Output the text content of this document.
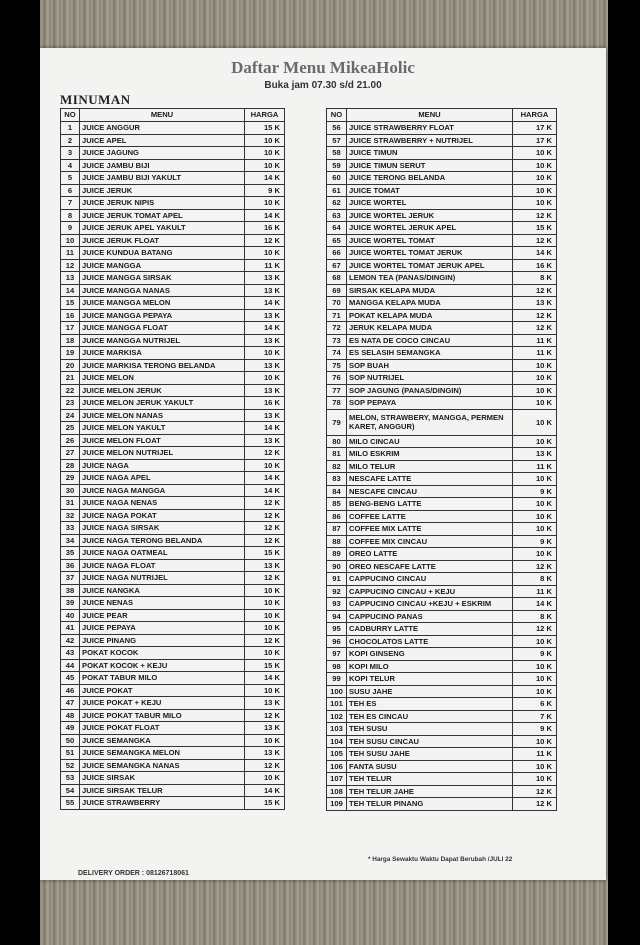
Daftar Menu MikeaHolic
Buka jam 07.30 s/d 21.00
MINUMAN
NO	MENU	HARGA
1	JUICE ANGGUR	15 K
2	JUICE APEL	10 K
3	JUICE JAGUNG	10 K
4	JUICE JAMBU BIJI	10 K
5	JUICE JAMBU BIJI YAKULT	14 K
6	JUICE JERUK	9 K
7	JUICE JERUK NIPIS	10 K
8	JUICE JERUK TOMAT APEL	14 K
9	JUICE JERUK APEL YAKULT	16 K
10	JUICE JERUK FLOAT	12 K
11	JUICE KUNDUA BATANG	10 K
12	JUICE MANGGA	11 K
13	JUICE MANGGA SIRSAK	13 K
14	JUICE MANGGA NANAS	13 K
15	JUICE MANGGA MELON	14 K
16	JUICE MANGGA PEPAYA	13 K
17	JUICE MANGGA FLOAT	14 K
18	JUICE MANGGA NUTRIJEL	13 K
19	JUICE MARKISA	10 K
20	JUICE MARKISA TERONG BELANDA	13 K
21	JUICE MELON	10 K
22	JUICE MELON JERUK	13 K
23	JUICE MELON JERUK YAKULT	16 K
24	JUICE MELON NANAS	13 K
25	JUICE MELON YAKULT	14 K
26	JUICE MELON FLOAT	13 K
27	JUICE MELON NUTRIJEL	12 K
28	JUICE NAGA	10 K
29	JUICE NAGA APEL	14 K
30	JUICE NAGA MANGGA	14 K
31	JUICE NAGA NENAS	12 K
32	JUICE NAGA POKAT	12 K
33	JUICE NAGA SIRSAK	12 K
34	JUICE NAGA TERONG BELANDA	12 K
35	JUICE NAGA OATMEAL	15 K
36	JUICE NAGA FLOAT	13 K
37	JUICE NAGA NUTRIJEL	12 K
38	JUICE NANGKA	10 K
39	JUICE NENAS	10 K
40	JUICE PEAR	10 K
41	JUICE PEPAYA	10 K
42	JUICE PINANG	12 K
43	POKAT KOCOK	10 K
44	POKAT KOCOK + KEJU	15 K
45	POKAT TABUR MILO	14 K
46	JUICE POKAT	10 K
47	JUICE POKAT + KEJU	13 K
48	JUICE POKAT TABUR MILO	12 K
49	JUICE POKAT FLOAT	13 K
50	JUICE SEMANGKA	10 K
51	JUICE SEMANGKA MELON	13 K
52	JUICE SEMANGKA NANAS	12 K
53	JUICE SIRSAK	10 K
54	JUICE SIRSAK TELUR	14 K
55	JUICE STRAWBERRY	15 K
NO	MENU	HARGA
56	JUICE STRAWBERRY FLOAT	17 K
57	JUICE STRAWBERRY + NUTRIJEL	17 K
58	JUICE TIMUN	10 K
59	JUICE TIMUN SERUT	10 K
60	JUICE TERONG BELANDA	10 K
61	JUICE TOMAT	10 K
62	JUICE WORTEL	10 K
63	JUICE WORTEL JERUK	12 K
64	JUICE WORTEL JERUK APEL	15 K
65	JUICE WORTEL TOMAT	12 K
66	JUICE WORTEL TOMAT JERUK	14 K
67	JUICE WORTEL TOMAT JERUK APEL	16 K
68	LEMON TEA (PANAS/DINGIN)	8 K
69	SIRSAK KELAPA MUDA	12 K
70	MANGGA KELAPA MUDA	13 K
71	POKAT KELAPA MUDA	12 K
72	JERUK KELAPA MUDA	12 K
73	ES NATA DE COCO CINCAU	11 K
74	ES SELASIH SEMANGKA	11 K
75	SOP BUAH	10 K
76	SOP NUTRIJEL	10 K
77	SOP JAGUNG (PANAS/DINGIN)	10 K
78	SOP PEPAYA	10 K
79	MELON, STRAWBERY, MANGGA, PERMEN KARET, ANGGUR)	10 K
80	MILO CINCAU	10 K
81	MILO ESKRIM	13 K
82	MILO TELUR	11 K
83	NESCAFE LATTE	10 K
84	NESCAFE CINCAU	9 K
85	BENG-BENG LATTE	10 K
86	COFFEE LATTE	10 K
87	COFFEE MIX LATTE	10 K
88	COFFEE MIX CINCAU	9 K
89	OREO LATTE	10 K
90	OREO NESCAFE LATTE	12 K
91	CAPPUCINO CINCAU	8 K
92	CAPPUCINO CINCAU + KEJU	11 K
93	CAPPUCINO CINCAU +KEJU + ESKRIM	14 K
94	CAPPUCINO PANAS	8 K
95	CADBURRY LATTE	12 K
96	CHOCOLATOS LATTE	10 K
97	KOPI GINSENG	9 K
98	KOPI MILO	10 K
99	KOPI TELUR	10 K
100	SUSU JAHE	10 K
101	TEH ES	6 K
102	TEH ES CINCAU	7 K
103	TEH SUSU	9 K
104	TEH SUSU CINCAU	10 K
105	TEH SUSU JAHE	11 K
106	FANTA SUSU	10 K
107	TEH TELUR	10 K
108	TEH TELUR JAHE	12 K
109	TEH TELUR PINANG	12 K
* Harga Sewaktu Waktu Dapat Berubah /JULI 22
DELIVERY ORDER : 08126718061
